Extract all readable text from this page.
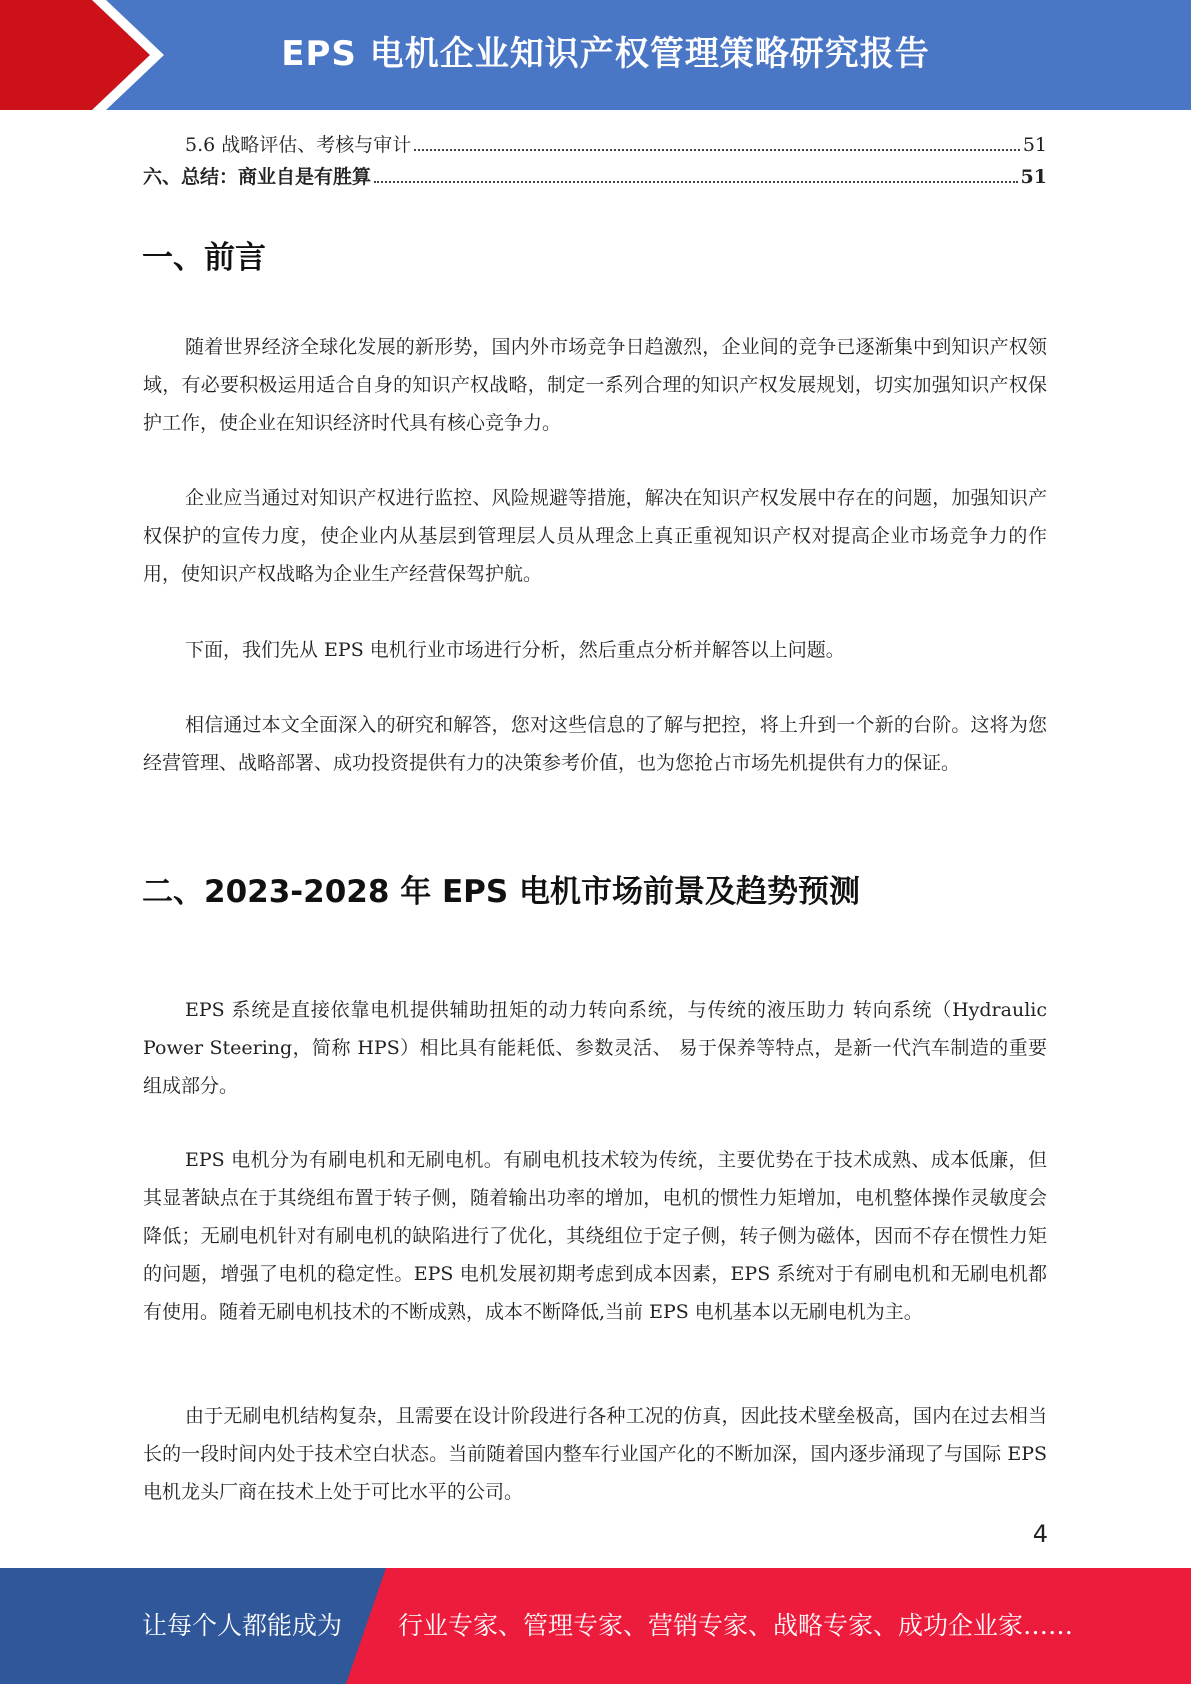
EPS 电机企业知识产权管理策略研究报告
5.6 战略评估、考核与审计	51
六、总结：商业自是有胜算	51
一、前言

随着世界经济全球化发展的新形势，国内外市场竞争日趋激烈，企业间的竞争已逐渐集中到知识产权领域，有必要积极运用适合自身的知识产权战略，制定一系列合理的知识产权发展规划，切实加强知识产权保护工作，使企业在知识经济时代具有核心竞争力。

企业应当通过对知识产权进行监控、风险规避等措施，解决在知识产权发展中存在的问题，加强知识产权保护的宣传力度，使企业内从基层到管理层人员从理念上真正重视知识产权对提高企业市场竞争力的作用，使知识产权战略为企业生产经营保驾护航。

下面，我们先从 EPS 电机行业市场进行分析，然后重点分析并解答以上问题。

相信通过本文全面深入的研究和解答，您对这些信息的了解与把控，将上升到一个新的台阶。这将为您经营管理、战略部署、成功投资提供有力的决策参考价值，也为您抢占市场先机提供有力的保证。

二、2023-2028 年 EPS 电机市场前景及趋势预测

EPS 系统是直接依靠电机提供辅助扭矩的动力转向系统，与传统的液压助力 转向系统（Hydraulic Power Steering，简称 HPS）相比具有能耗低、参数灵活、 易于保养等特点，是新一代汽车制造的重要组成部分。

EPS 电机分为有刷电机和无刷电机。有刷电机技术较为传统，主要优势在于技术成熟、成本低廉，但其显著缺点在于其绕组布置于转子侧，随着输出功率的增加，电机的惯性力矩增加，电机整体操作灵敏度会降低；无刷电机针对有刷电机的缺陷进行了优化，其绕组位于定子侧，转子侧为磁体，因而不存在惯性力矩的问题，增强了电机的稳定性。EPS 电机发展初期考虑到成本因素，EPS 系统对于有刷电机和无刷电机都有使用。随着无刷电机技术的不断成熟，成本不断降低,当前 EPS 电机基本以无刷电机为主。

由于无刷电机结构复杂，且需要在设计阶段进行各种工况的仿真，因此技术壁垒极高，国内在过去相当长的一段时间内处于技术空白状态。当前随着国内整车行业国产化的不断加深，国内逐步涌现了与国际 EPS 电机龙头厂商在技术上处于可比水平的公司。

4
让每个人都能成为 行业专家、管理专家、营销专家、战略专家、成功企业家……
